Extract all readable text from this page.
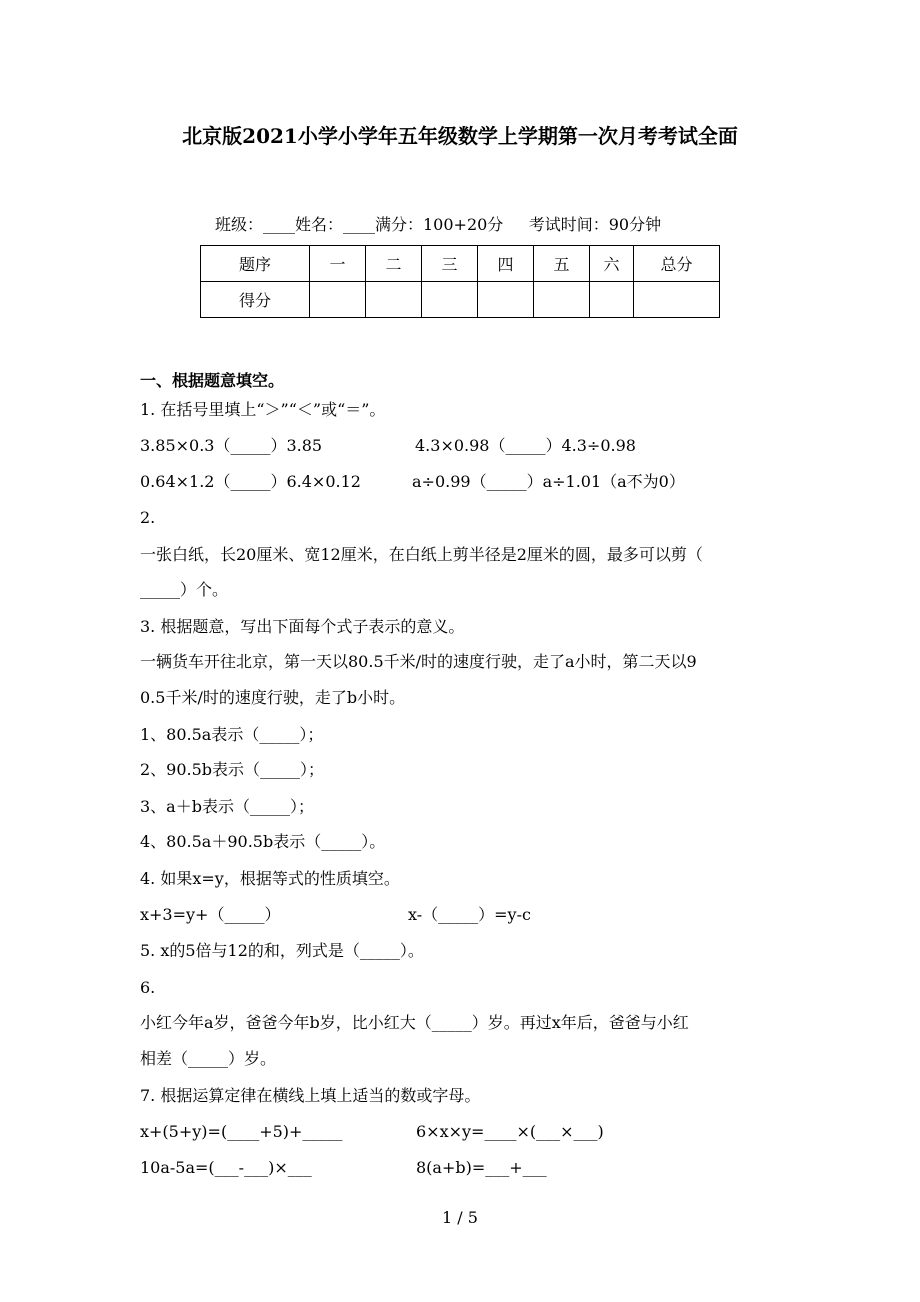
北京版2021小学小学年五年级数学上学期第一次月考考试全面
班级：____姓名：____满分：100+20分     考试时间：90分钟
题序	一	二	三	四	五	六	总分
得分							
一、根据题意填空。
1. 在括号里填上“＞”“＜”或“＝”。
3.85×0.3（_____）3.85	4.3×0.98（_____）4.3÷0.98
0.64×1.2（_____）6.4×0.12	a÷0.99（_____）a÷1.01（a不为0）
2.
一张白纸，长20厘米、宽12厘米，在白纸上剪半径是2厘米的圆，最多可以剪（
_____）个。
3. 根据题意，写出下面每个式子表示的意义。
一辆货车开往北京，第一天以80.5千米/时的速度行驶，走了a小时，第二天以9
0.5千米/时的速度行驶，走了b小时。
1、80.5a表示（_____）；
2、90.5b表示（_____）；
3、a＋b表示（_____）；
4、80.5a＋90.5b表示（_____）。
4. 如果x=y，根据等式的性质填空。
x+3=y+（_____）	x-（_____）=y-c
5. x的5倍与12的和，列式是（_____）。
6.
小红今年a岁，爸爸今年b岁，比小红大（_____）岁。再过x年后，爸爸与小红
相差（_____）岁。
7. 根据运算定律在横线上填上适当的数或字母。
x+(5+y)=(____+5)+_____	6×x×y=____×(___×___)
10a-5a=(___-___)×___	8(a+b)=___+___
1 / 5
